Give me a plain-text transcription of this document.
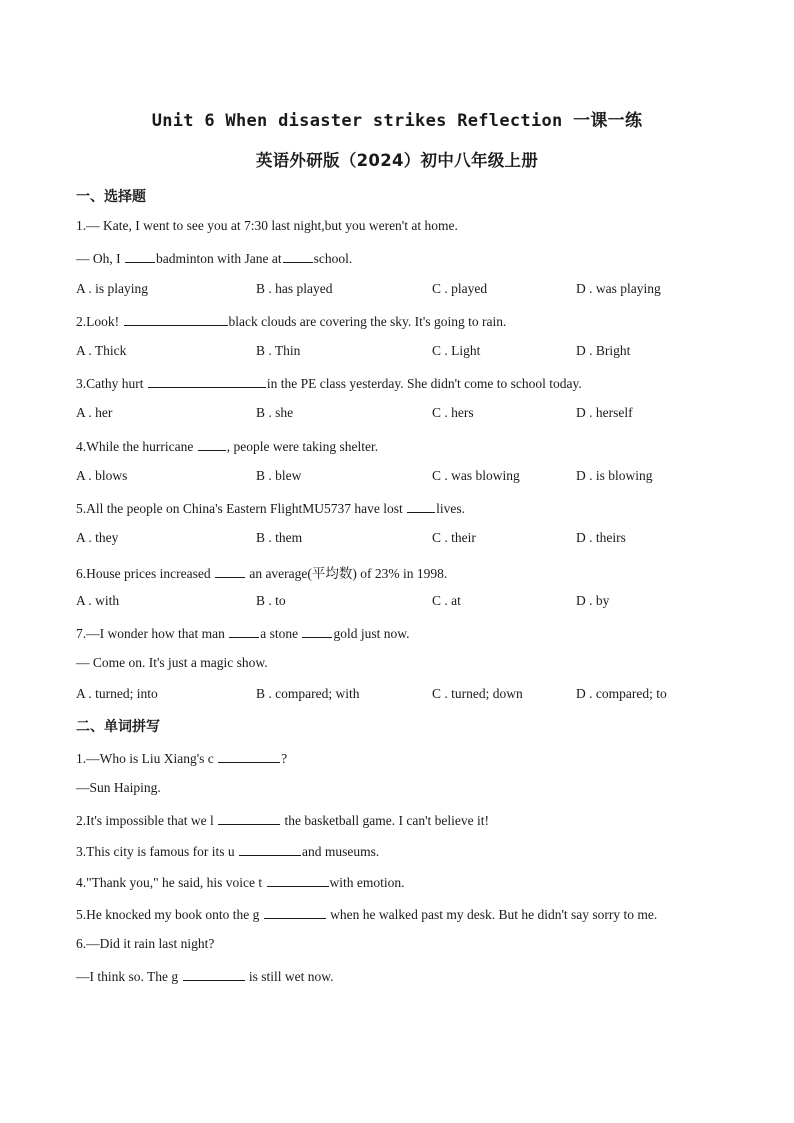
Unit 6 When disaster strikes Reflection 一课一练
英语外研版（2024）初中八年级上册
一、选择题
1.— Kate, I went to see you at 7:30 last night,but you weren't at home.
— Oh, I badminton with Jane at school.
A . is playing	B . has played	C . played	D . was playing
2.Look!	black clouds are covering the sky. It's going to rain.
A . Thick	B . Thin	C . Light	D . Bright
3.Cathy hurt	in the PE class yesterday. She didn't come to school today.
A . her	B . she	C . hers	D . herself
4.While the hurricane , people were taking shelter.
A . blows	B . blew	C . was blowing	D . is blowing
5.All the people on China's Eastern FlightMU5737 have lost lives.
A . they	B . them	C . their	D . theirs
6.House prices increased  an average(平均数) of 23% in 1998.
A . with	B . to	C . at	D . by
7.—I wonder how that man a stone gold just now.
— Come on. It's just a magic show.
A . turned; into	B . compared; with	C . turned; down	D . compared; to
二、单词拼写
1.—Who is Liu Xiang's c	?
—Sun Haiping.
2.It's impossible that we l	the basketball game. I can't believe it!
3.This city is famous for its u	and museums.
4."Thank you," he said, his voice t	with emotion.
5.He knocked my book onto the g	when he walked past my desk. But he didn't say sorry to me.
6.—Did it rain last night?
—I think so. The g	is still wet now.
